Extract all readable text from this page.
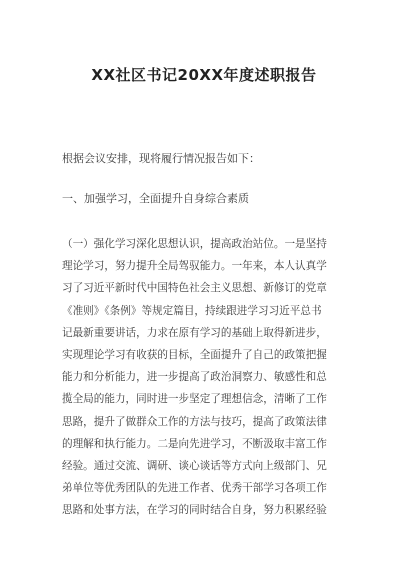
XX社区书记20XX年度述职报告
根据会议安排，现将履行情况报告如下：
一、加强学习，全面提升自身综合素质
（一）强化学习深化思想认识，提高政治站位。一是坚持
理论学习，努力提升全局驾驭能力。一年来，本人认真学
习了习近平新时代中国特色社会主义思想、新修订的党章
《准则》《条例》等规定篇目，持续跟进学习习近平总书
记最新重要讲话，力求在原有学习的基础上取得新进步，
实现理论学习有收获的目标，全面提升了自己的政策把握
能力和分析能力，进一步提高了政治洞察力、敏感性和总
揽全局的能力，同时进一步坚定了理想信念，清晰了工作
思路，提升了做群众工作的方法与技巧，提高了政策法律
的理解和执行能力。二是向先进学习，不断汲取丰富工作
经验。通过交流、调研、谈心谈话等方式向上级部门、兄
弟单位等优秀团队的先进工作者、优秀干部学习各项工作
思路和处事方法，在学习的同时结合自身，努力积累经验
